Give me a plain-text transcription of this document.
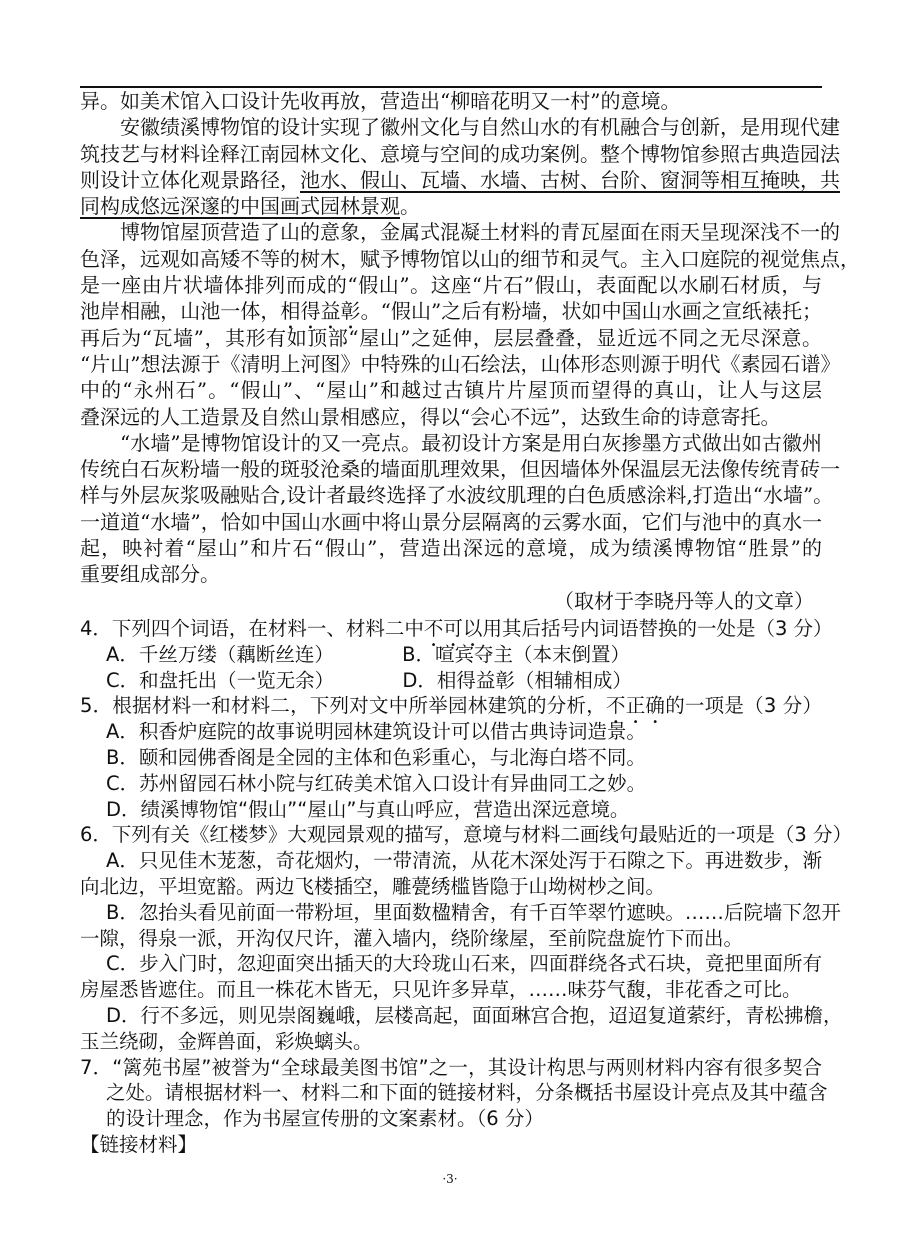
异。如美术馆入口设计先收再放，营造出“柳暗花明又一村”的意境。
安徽绩溪博物馆的设计实现了徽州文化与自然山水的有机融合与创新，是用现代建
筑技艺与材料诠释江南园林文化、意境与空间的成功案例。整个博物馆参照古典造园法
则设计立体化观景路径，池水、假山、瓦墙、水墙、古树、台阶、窗洞等相互掩映，共
同构成悠远深邃的中国画式园林景观。
博物馆屋顶营造了山的意象，金属式混凝土材料的青瓦屋面在雨天呈现深浅不一的
色泽，远观如高矮不等的树木，赋予博物馆以山的细节和灵气。主入口庭院的视觉焦点，
是一座由片状墙体排列而成的“假山”。这座“片石”假山，表面配以水刷石材质，与
池岸相融，山池一体，相得益彰。“假山”之后有粉墙，状如中国山水画之宣纸裱托；
再后为“瓦墙”，其形有如顶部“屋山”之延伸，层层叠叠，显近远不同之无尽深意。
“片山”想法源于《清明上河图》中特殊的山石绘法，山体形态则源于明代《素园石谱》
中的“永州石”。“假山”、“屋山”和越过古镇片片屋顶而望得的真山，让人与这层
叠深远的人工造景及自然山景相感应，得以“会心不远”，达致生命的诗意寄托。
“水墙”是博物馆设计的又一亮点。最初设计方案是用白灰掺墨方式做出如古徽州
传统白石灰粉墙一般的斑驳沧桑的墙面肌理效果，但因墙体外保温层无法像传统青砖一
样与外层灰浆吸融贴合,设计者最终选择了水波纹肌理的白色质感涂料,打造出“水墙”。
一道道“水墙”，恰如中国山水画中将山景分层隔离的云雾水面，它们与池中的真水一
起，映衬着“屋山”和片石“假山”，营造出深远的意境，成为绩溪博物馆“胜景”的
重要组成部分。
（取材于李晓丹等人的文章）
4．下列四个词语，在材料一、材料二中不可以用其后括号内词语替换的一处是（3 分）
A．千丝万缕（藕断丝连）　　　　B．喧宾夺主（本末倒置）
C．和盘托出（一览无余）　　　　D．相得益彰（相辅相成）
5．根据材料一和材料二，下列对文中所举园林建筑的分析，不正确的一项是（3 分）
A．积香炉庭院的故事说明园林建筑设计可以借古典诗词造景。
B．颐和园佛香阁是全园的主体和色彩重心，与北海白塔不同。
C．苏州留园石林小院与红砖美术馆入口设计有异曲同工之妙。
D．绩溪博物馆“假山”“屋山”与真山呼应，营造出深远意境。
6．下列有关《红楼梦》大观园景观的描写，意境与材料二画线句最贴近的一项是（3 分）
A．只见佳木茏葱，奇花烟灼，一带清流，从花木深处泻于石隙之下。再进数步，渐
向北边，平坦宽豁。两边飞楼插空，雕甍绣槛皆隐于山坳树杪之间。
B．忽抬头看见前面一带粉垣，里面数楹精舍，有千百竿翠竹遮映。……后院墙下忽开
一隙，得泉一派，开沟仅尺许，灌入墙内，绕阶缘屋，至前院盘旋竹下而出。
C．步入门时，忽迎面突出插天的大玲珑山石来，四面群绕各式石块，竟把里面所有
房屋悉皆遮住。而且一株花木皆无，只见许多异草，……味芬气馥，非花香之可比。
D．行不多远，则见崇阁巍峨，层楼高起，面面琳宫合抱，迢迢复道萦纡，青松拂檐，
玉兰绕砌，金辉兽面，彩焕螭头。
7．“篱苑书屋”被誉为“全球最美图书馆”之一，其设计构思与两则材料内容有很多契合
之处。请根据材料一、材料二和下面的链接材料，分条概括书屋设计亮点及其中蕴含
的设计理念，作为书屋宣传册的文案素材。（6 分）
【链接材料】
·3·
